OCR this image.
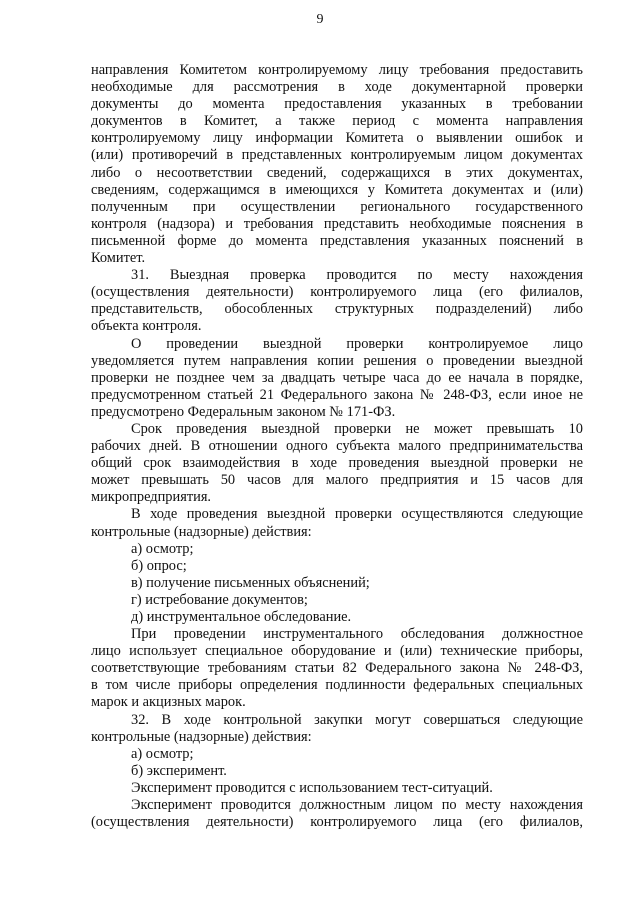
9
направления Комитетом контролируемому лицу требования предоставить
необходимые для рассмотрения в ходе документарной проверки
документы до момента предоставления указанных в требовании
документов в Комитет, а также период с момента направления
контролируемому лицу информации Комитета о выявлении ошибок и
(или) противоречий в представленных контролируемым лицом документах
либо о несоответствии сведений, содержащихся в этих документах,
сведениям, содержащимся в имеющихся у Комитета документах и (или)
полученным при осуществлении регионального государственного
контроля (надзора) и требования представить необходимые пояснения в
письменной форме до момента представления указанных пояснений в
Комитет.
31. Выездная проверка проводится по месту нахождения
(осуществления деятельности) контролируемого лица (его филиалов,
представительств, обособленных структурных подразделений) либо
объекта контроля.
О проведении выездной проверки контролируемое лицо
уведомляется путем направления копии решения о проведении выездной
проверки не позднее чем за двадцать четыре часа до ее начала в порядке,
предусмотренном статьей 21 Федерального закона № 248-ФЗ, если иное не
предусмотрено Федеральным законом № 171-ФЗ.
Срок проведения выездной проверки не может превышать 10
рабочих дней. В отношении одного субъекта малого предпринимательства
общий срок взаимодействия в ходе проведения выездной проверки не
может превышать 50 часов для малого предприятия и 15 часов для
микропредприятия.
В ходе проведения выездной проверки осуществляются следующие
контрольные (надзорные) действия:
а) осмотр;
б) опрос;
в) получение письменных объяснений;
г) истребование документов;
д) инструментальное обследование.
При проведении инструментального обследования должностное
лицо использует специальное оборудование и (или) технические приборы,
соответствующие требованиям статьи 82 Федерального закона № 248-ФЗ,
в том числе приборы определения подлинности федеральных специальных
марок и акцизных марок.
32. В ходе контрольной закупки могут совершаться следующие
контрольные (надзорные) действия:
а) осмотр;
б) эксперимент.
Эксперимент проводится с использованием тест-ситуаций.
Эксперимент проводится должностным лицом по месту нахождения
(осуществления деятельности) контролируемого лица (его филиалов,
